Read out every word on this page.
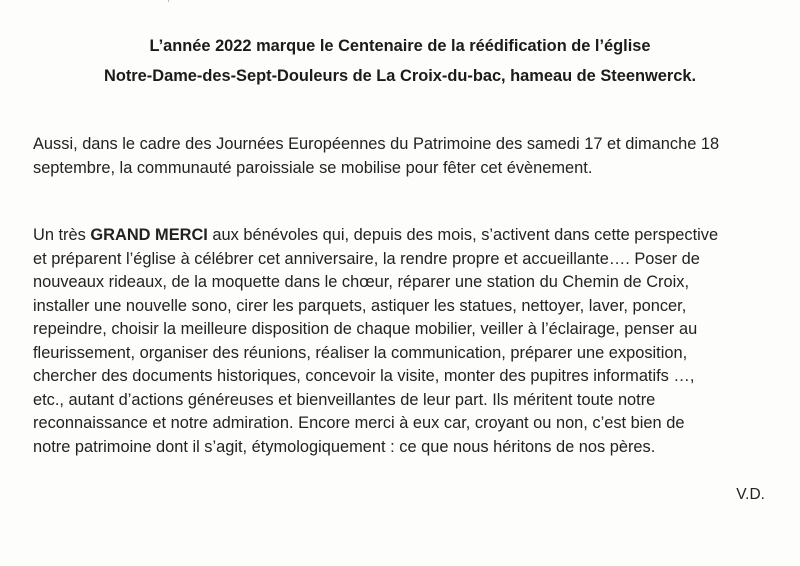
L’année 2022 marque le Centenaire de la réédification de l’église
Notre-Dame-des-Sept-Douleurs de La Croix-du-bac, hameau de Steenwerck.
Aussi, dans le cadre des Journées Européennes du Patrimoine des samedi 17 et dimanche 18
septembre, la communauté paroissiale se mobilise pour fêter cet évènement.
Un très GRAND MERCI aux bénévoles qui, depuis des mois, s’activent dans cette perspective
et préparent l’église à célébrer cet anniversaire, la rendre propre et accueillante…. Poser de
nouveaux rideaux, de la moquette dans le chœur, réparer une station du Chemin de Croix,
installer une nouvelle sono, cirer les parquets, astiquer les statues, nettoyer, laver, poncer,
repeindre, choisir la meilleure disposition de chaque mobilier, veiller à l’éclairage, penser au
fleurissement, organiser des réunions, réaliser la communication, préparer une exposition,
chercher des documents historiques, concevoir la visite, monter des pupitres informatifs …,
etc., autant d’actions généreuses et bienveillantes de leur part. Ils méritent toute notre
reconnaissance et notre admiration. Encore merci à eux car, croyant ou non, c’est bien de
notre patrimoine dont il s’agit, étymologiquement : ce que nous héritons de nos pères.
V.D.
